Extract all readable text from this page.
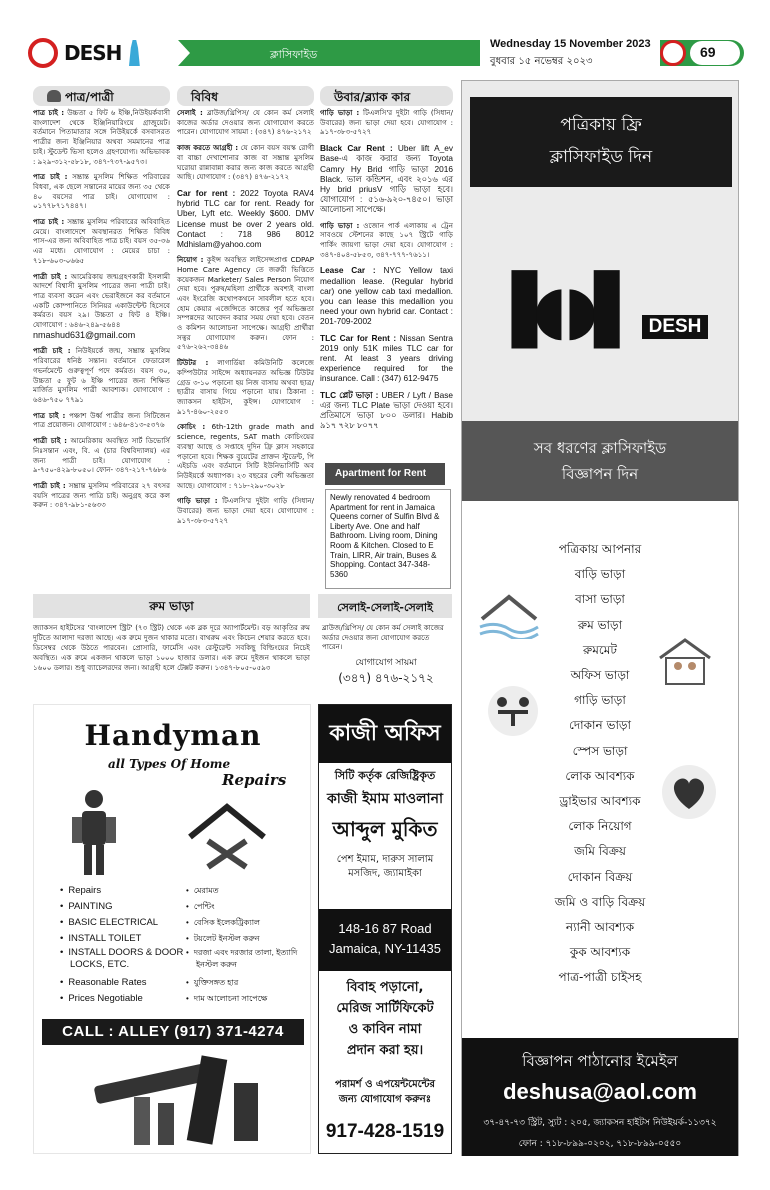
DESH	ক্লাসিফাইড
Wednesday 15 November 2023
বুধবার ১৫ নভেম্বর ২০২৩
69
পাত্র/পাত্রী	বিবিধ	উবার/ব্ল্যাক কার
পাত্র চাই : উচ্চতা ৫ ফিট ৬ ইঞ্চি,নিউইয়র্কবাসী বাংলাদেশ থেকে ইঞ্জিনিয়ারিংয়ে গ্রাজুয়েট। বর্তমানে পিতামাতার সঙ্গে নিউইয়র্কে বসবাসরত পাত্রীর জন্য ইঞ্জিনিয়ার অথবা সমমানের পাত্র চাই। স্টুডেন্ট ভিসা হলেও গ্রহণযোগ্য। অভিভাবক : ৯২৯-৩১২-৫৮১৮, ৩৪৭-৭৩৭-৯৫৭৩।
পাত্র চাই : সম্ভ্রান্ত মুসলিম শিক্ষিত পরিবারের বিধবা, এক ছেলে সন্তানের মায়ের জন্য ৩৫ থেকে ৪০ বয়সের পাত্র চাই। যোগাযোগ : ০১৭৭৮৭১৭৪৪৭।
পাত্র চাই : সম্ভ্রান্ত মুসলিম পরিবারের অবিবাহিত মেয়ে। বাংলাদেশে অবস্থানরত শিক্ষিত বিবিধ পাস-এর জন্য অবিবাহিত পাত্র চাই। বয়স ৩৫-৩৬ এর মধ্যে। যোগাযোগ : মেয়ের চাচা : ৭১৮-৬০৩-০৬৬৫
পাত্রী চাই : আমেরিকায় জন্মগ্রহণকারী ইসলামী আদর্শে বিশ্বাসী মুসলিম পাত্রের জন্য পাত্রী চাই। পাত্র ব্যবসা করেন এবং ভেরাইজনে কর বর্তমানে একটি কোম্পানিতে সিনিয়র একাউন্টেন্ট হিসেবে কর্মরত। বয়স ২৯। উচ্চতা ৫ ফিট ৪ ইঞ্চি। যোগাযোগ : ৬৪৬-২৪৯-৫৬৪৪
nmashud631@gmail.com
পাত্রী চাই : নিউইয়র্কে জন্ম, সম্ভ্রান্ত মুসলিম পরিবারের ধনিষ্ঠ সন্তান। বর্তমানে ফেডারেল গভর্নমেন্টে গুরুত্বপূর্ণ পদে কর্মরত। বয়স ৩০, উচ্চতা ৫ ফুট ৬ ইঞ্চি পাত্রের জন্য শিক্ষিত মার্জিত মুসলিম পাত্রী আবশ্যক। যোগাযোগ : ৬৪৬-৭৫০ ৭৭৯১
পাত্র চাই : পঞ্চাশ উর্ধ্ব পাত্রীর জন্য সিটিজেন পাত্র প্রয়োজন। যোগাযোগ : ৬৪৬-৪১৩-৫৩৭৬
পাত্রী চাই : আমেরিকায় অবস্থিত সার্ট ডিভোর্সি নিঃসন্তান এবং, বি. এ (চার বিশ্ববিদ্যালয়) এর জন্য পাত্রী চাই। যোগাযোগ : ৯-৭৫০-৪২৯-৮০৫০। ফোন- ৩৪৭-২১৭-৭৬৮৬
পাত্রী চাই : সম্ভ্রান্ত মুসলিম পরিবারের ২৭ বৎসর বয়সি পাত্রের জন্য পাত্রি চাই। অনুগ্রহ করে কল করুন : ৩৪৭-৯৮১-৫৬৩৩
সেলাই : ব্লাউজ/থ্রিপিস/ যে কোন কর্ম সেলাই কাজের অর্ডার দেওয়ার জন্য যোগাযোগ করতে পারেন। যোগাযোগ সায়মা : (৩৪৭) ৪৭৬-২১৭২
কাজ করতে আগ্রহী : যে কোন বয়স বয়স্ক রোগী বা বাচ্চা দেখাশোনার কাজ বা সম্ভ্রান্ত মুসলিম ঘরোয়া রান্নাবান্না করার জন্য কাজ করতে আগ্রহী আছি। যোগাযোগ : (৩৪৭) ৪৭৬-২১৭২
Car for rent : 2022 Toyota RAV4 hybrid TLC car for rent. Ready for Uber, Lyft etc. Weekly $600. DMV License must be over 2 years old. Contact : 718 986 8012 Mdhislam@yahoo.com
নিয়োগ : কুইন্স অবস্থিত লাইসেন্সপ্রাপ্ত CDPAP Home Care Agency তে জরুরী ভিত্তিতে কয়েকজন Marketer/ Sales Person নিয়োগ দেয়া হবে। পুরুষ/মহিলা প্রার্থীকে অবশ্যই বাংলা এবং ইংরেজি কথোপকথনে সাবলীল হতে হবে। হোম কেয়ার এজেন্সিতে কাজের পূর্ব অভিজ্ঞতা সম্পন্নদের আবেদন করার সময় দেয়া হবে। বেতন ও কমিশন আলোচনা সাপেক্ষে। আগ্রহী প্রার্থীরা সত্বর যোগাযোগ করুন। ফোন : ৫৭৬-২৬২-৩৪৪৬
টিউটর : লাগার্ডিয়া কমিউনিটি কলেজে কম্পিউটার সাইন্সে অধ্যায়নরত অভিজ্ঞ টিউটর গ্রেড ৩-১০ পড়ানো হয় নিজ বাসায় অথবা ছাত্র/ছাত্রীর বাসায় গিয়ে পড়ানো যায়। ঠিকানা : জ্যাকসন হাইটস, কুইন্স। যোগাযোগ : ৯১৭-৪৬০-২৫৫৩
কোচিং : 6th-12th grade math and science, regents, SAT math কোচিংয়ের ব্যবস্থা আছে ও সপ্তাহে দুদিন ফ্রি ক্লাস সহকারে পড়ানো হবে। শিক্ষক বুয়েটের প্রাক্তন স্টুডেন্ট, পি এইচডি এবং বর্তমানে সিটি ইউনিভার্সিটি অব নিউইয়র্কে অধ্যাপক। ২৩ বছরের বেশী অভিজ্ঞতা আছে। যোগাযোগ : ৭১৮-২৯০-৩০২৮
গাড়ি ভাড়া : টিএলসি'র দুইটা গাড়ি (সিধান/উবারের) জন্য ভাড়া দেয়া হবে। যোগাযোগ : ৯১৭-৩৮৩-৫৭২৭
গাড়ি ভাড়া : টিএলসি'র দুইটা গাড়ি (সিধান/উবারের) জন্য ভাড়া দেয়া হবে। যোগাযোগ : ৯১৭-৩৮৩-৫৭২৭
Black Car Rent : Uber lift A_ev Base-এ কাজ করার জন্য Toyota Camry Hy Brid গাড়ি ভাড়া 2016 Black. ভাল কন্ডিশন, এবং ২০১৬ এর Hy brid priusV গাড়ি ভাড়া হবে। যোগাযোগ : ৫১৬-৯২০-৭৪৫০। ভাড়া আলোচনা সাপেক্ষে।
গাড়ি ভাড়া : ওজোন পার্ক এলাকায় এ ট্রেন সাবওয়ে স্টেশনের কাছে ১০৭ স্ট্রিটে গাড়ি পার্কিং জায়গা ভাড়া দেয়া হবে। যোগাযোগ : ৩৪৭-৪০৪-৫৮৫৩, ৩৪৭-৭৭৭-৭৬১১।
Lease Car : NYC Yellow taxi medallion lease. (Regular hybrid car) one yellow cab taxi medallion. you can lease this medallion you need your own hybrid car. Contact : 201-709-2002
TLC Car for Rent : Nissan Sentra 2019 only 51K miles TLC car for rent. At least 3 years driving experience required for the insurance. Call : (347) 612-9475
TLC প্লেট ভাড়া : UBER / Lyft / Base এর জন্য TLC Plate ভাড়া দেওয়া হবে। প্রতিমাসে ভাড়া ৮০০ ডলার। Habib ৯১৭ ৭২৮ ৮০৭৭
Apartment for Rent
Newly renovated 4 bedroom Apartment for rent in Jamaica Queens corner of Sulfin Blvd & Liberty Ave. One and half Bathroom. Living room, Dining Room & Kitchen. Closed to E Train, LIRR, Air train, Buses & Shopping. Contact 347-348-5360
রুম ভাড়া
জ্যাকসন হাইটসের 'বাংলাদেশ স্ট্রিট' (৭৩ স্ট্রিট) থেকে এক ব্লক দূরে অ্যাপার্টমেন্ট। বড় আকৃতির রুম দুটিতে আলাদা দরজা আছে। এক রুমে দুজন থাকার মতো। বাথরুম এবং কিচেন শেয়ার করতে হবে। ডিসেম্বর থেকে উঠতে পারবেন। প্রোসারি, ফার্মেসি এবং রেস্টুরেন্ট সবকিছু বিল্ডিংয়ের নিচেই অবস্থিত। এক রুমে একজন থাকলে ভাড়া ১০০০ হাজার ডলার। এক রুমে দুইজন থাকলে ভাড়া ১৬০০ ডলার। শুধু ব্যাচেলরদের জন্য। আগ্রহী হলে টেক্সট করুন। ১৩৪৭-৮০৫-০৫৯৩
সেলাই-সেলাই-সেলাই
ব্লাউজ/থ্রিপিস/ যে কোন কর্ম সেলাই কাজের অর্ডার দেওয়ার জন্য যোগাযোগ করতে পারেন।
যোগাযোগ সায়মা
(৩৪৭) ৪৭৬-২১৭২
পত্রিকায় ফ্রি
ক্লাসিফাইড দিন
▐◖◗▌ DESH
সব ধরণের ক্লাসিফাইড
বিজ্ঞাপন দিন
পত্রিকায় আপনার
বাড়ি ভাড়া
বাসা ভাড়া
রুম ভাড়া
রুমমেট
অফিস ভাড়া
গাড়ি ভাড়া
দোকান ভাড়া
স্পেস ভাড়া
লোক আবশ্যক
ড্রাইভার আবশ্যক
লোক নিয়োগ
জমি বিক্রয়
দোকান বিক্রয়
জমি ও বাড়ি বিক্রয়
ন্যানী আবশ্যক
কুক আবশ্যক
পাত্র-পাত্রী চাইসহ
বিজ্ঞাপন পাঠানোর ইমেইল
deshusa@aol.com
৩৭-৪৭-৭৩ স্ট্রিট, স্যুট : ২০৫, জ্যাকসন হাইটস নিউইয়র্ক-১১৩৭২
ফোন : ৭১৮-৮৯৯-০২০২, ৭১৮-৮৯৯-০৫৫০
Handyman
all Types Of Home
Repairs
• Repairs
• PAINTING
• BASIC ELECTRICAL
• INSTALL TOILET
• INSTALL DOORS & DOOR LOCKS, ETC.
• Reasonable Rates
• Prices Negotiable
• মেরামত
• পেন্টিং
• বেসিক ইলেকট্রিক্যাল
• টয়লেট ইনস্টল করুন
• দরজা এবং দরজার তালা, ইত্যাদি ইনস্টল করুন
• যুক্তিসঙ্গত হার
• দাম আলোচনা সাপেক্ষে
CALL : ALLEY (917) 371-4274
কাজী অফিস
সিটি কর্তৃক রেজিষ্ট্রিকৃত
কাজী ইমাম মাওলানা
আব্দুল মুকিত
পেশ ইমাম, দারুস সালাম
মসজিদ, জ্যামাইকা
148-16 87 Road
Jamaica, NY-11435
বিবাহ পড়ানো,
মেরিজ সার্টিফিকেট
ও কাবিন নামা
প্রদান করা হয়।
পরামর্শ ও এপয়েন্টমেন্টের
জন্য যোগাযোগ করুনঃ
917-428-1519
